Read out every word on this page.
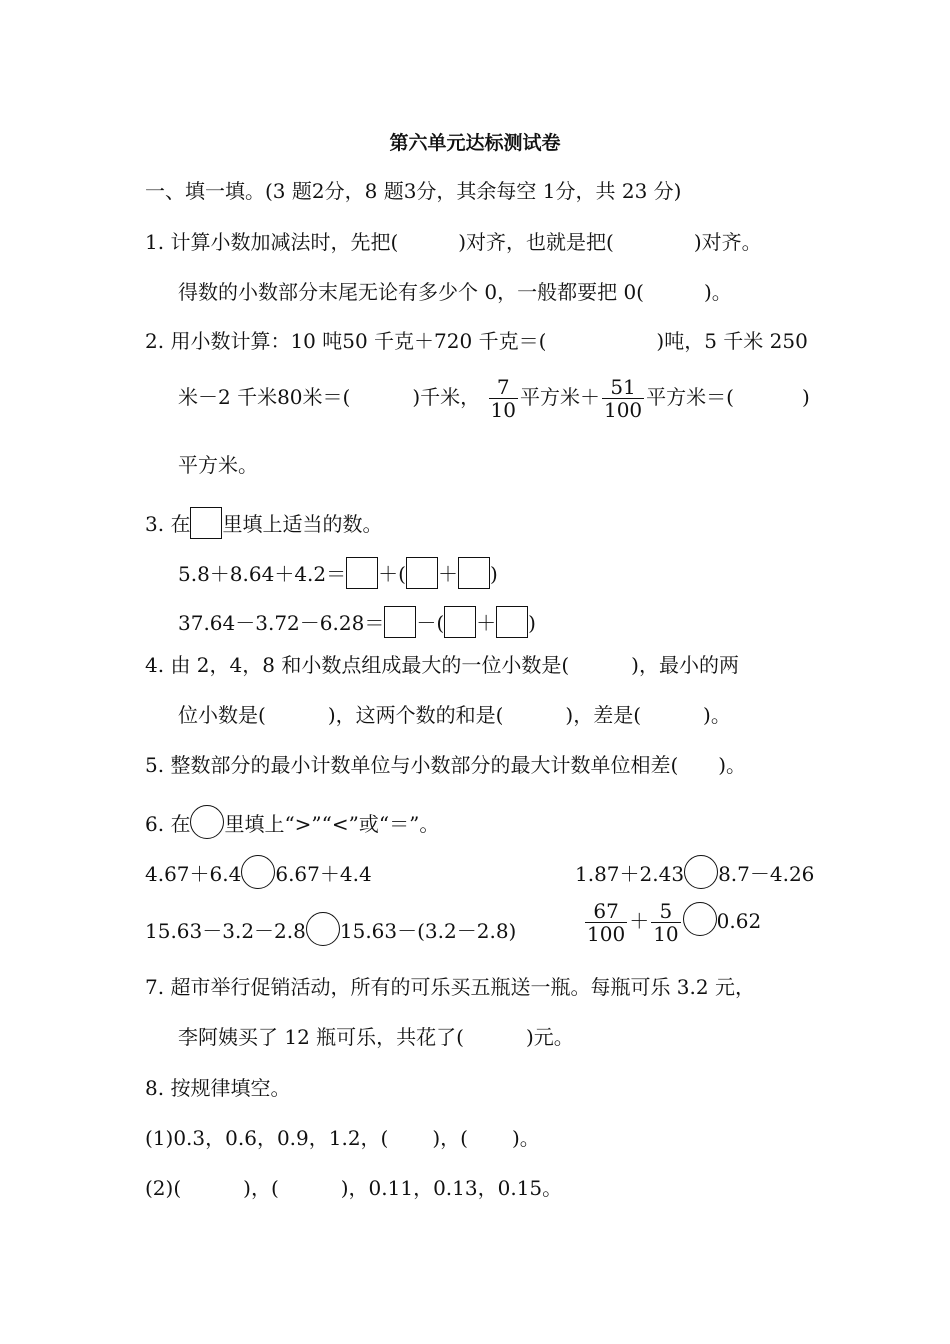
第六单元达标测试卷
一、填一填。(3 题2分，8 题3分，其余每空 1分，共 23 分)
1. 计算小数加减法时，先把(	)对齐，也就是把(	)对齐。
得数的小数部分末尾无论有多少个 0，一般都要把 0(	)。
2. 用小数计算：10 吨50 千克＋720 千克＝(	)吨，5 千米 250
米－2 千米80米＝(	)千米， $\frac{7}{10}$ 平方米＋ $\frac{51}{100}$ 平方米＝(	)
平方米。
3. 在 里填上适当的数。
5.8＋8.64＋4.2＝ ＋( ＋ )
37.64－3.72－6.28＝ －( ＋ )
4. 由 2，4，8 和小数点组成最大的一位小数是(	)，最小的两
位小数是(	)，这两个数的和是(	)，差是(	)。
5. 整数部分的最小计数单位与小数部分的最大计数单位相差( )。
6. 在 里填上“>”“<”或“＝”。
4.67＋6.4 6.67＋4.4	1.87＋2.43 8.7－4.26
15.63－3.2－2.8 15.63－(3.2－2.8)	$\frac{67}{100} + \frac{5}{10} 0.62$
7. 超市举行促销活动，所有的可乐买五瓶送一瓶。每瓶可乐 3.2 元，
李阿姨买了 12 瓶可乐，共花了(	)元。
8. 按规律填空。
(1)0.3，0.6，0.9，1.2，( )，( )。
(2)(	)，(	)，0.11，0.13，0.15。
